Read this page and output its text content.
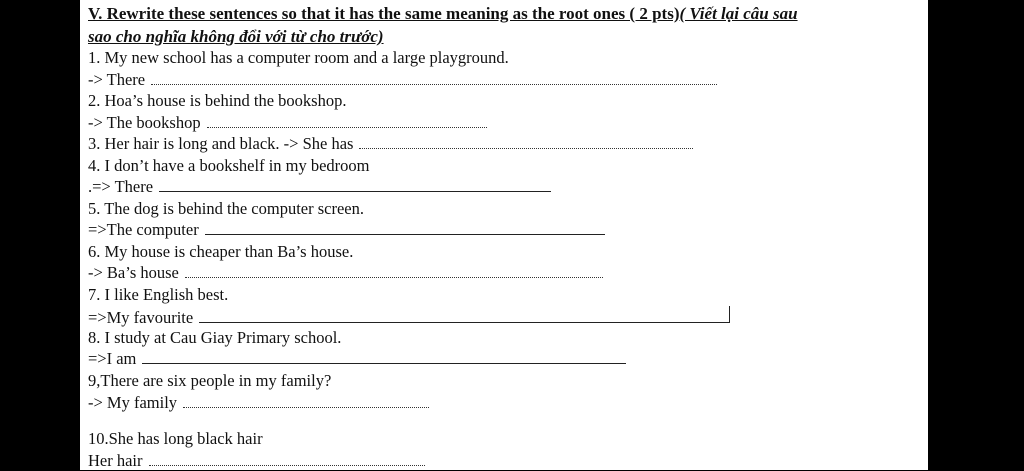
V. Rewrite these sentences so that it has the same meaning as the root ones ( 2 pts)( Viết lại câu sau
sao cho nghĩa không đổi với từ cho trước)
1. My new school has a computer room and a large playground.
-> There
2. Hoa’s house is behind the bookshop.
-> The bookshop
3. Her hair is long and black. -> She has
4. I don’t have a bookshelf in my bedroom
.=> There
5. The dog is behind the computer screen.
=>The computer
6. My house is cheaper than Ba’s house.
-> Ba’s house
7. I like English best.
=>My favourite
8. I study at Cau Giay Primary school.
=>I am
9,There are six people in my family?
-> My family
10.She has long black hair
Her hair
